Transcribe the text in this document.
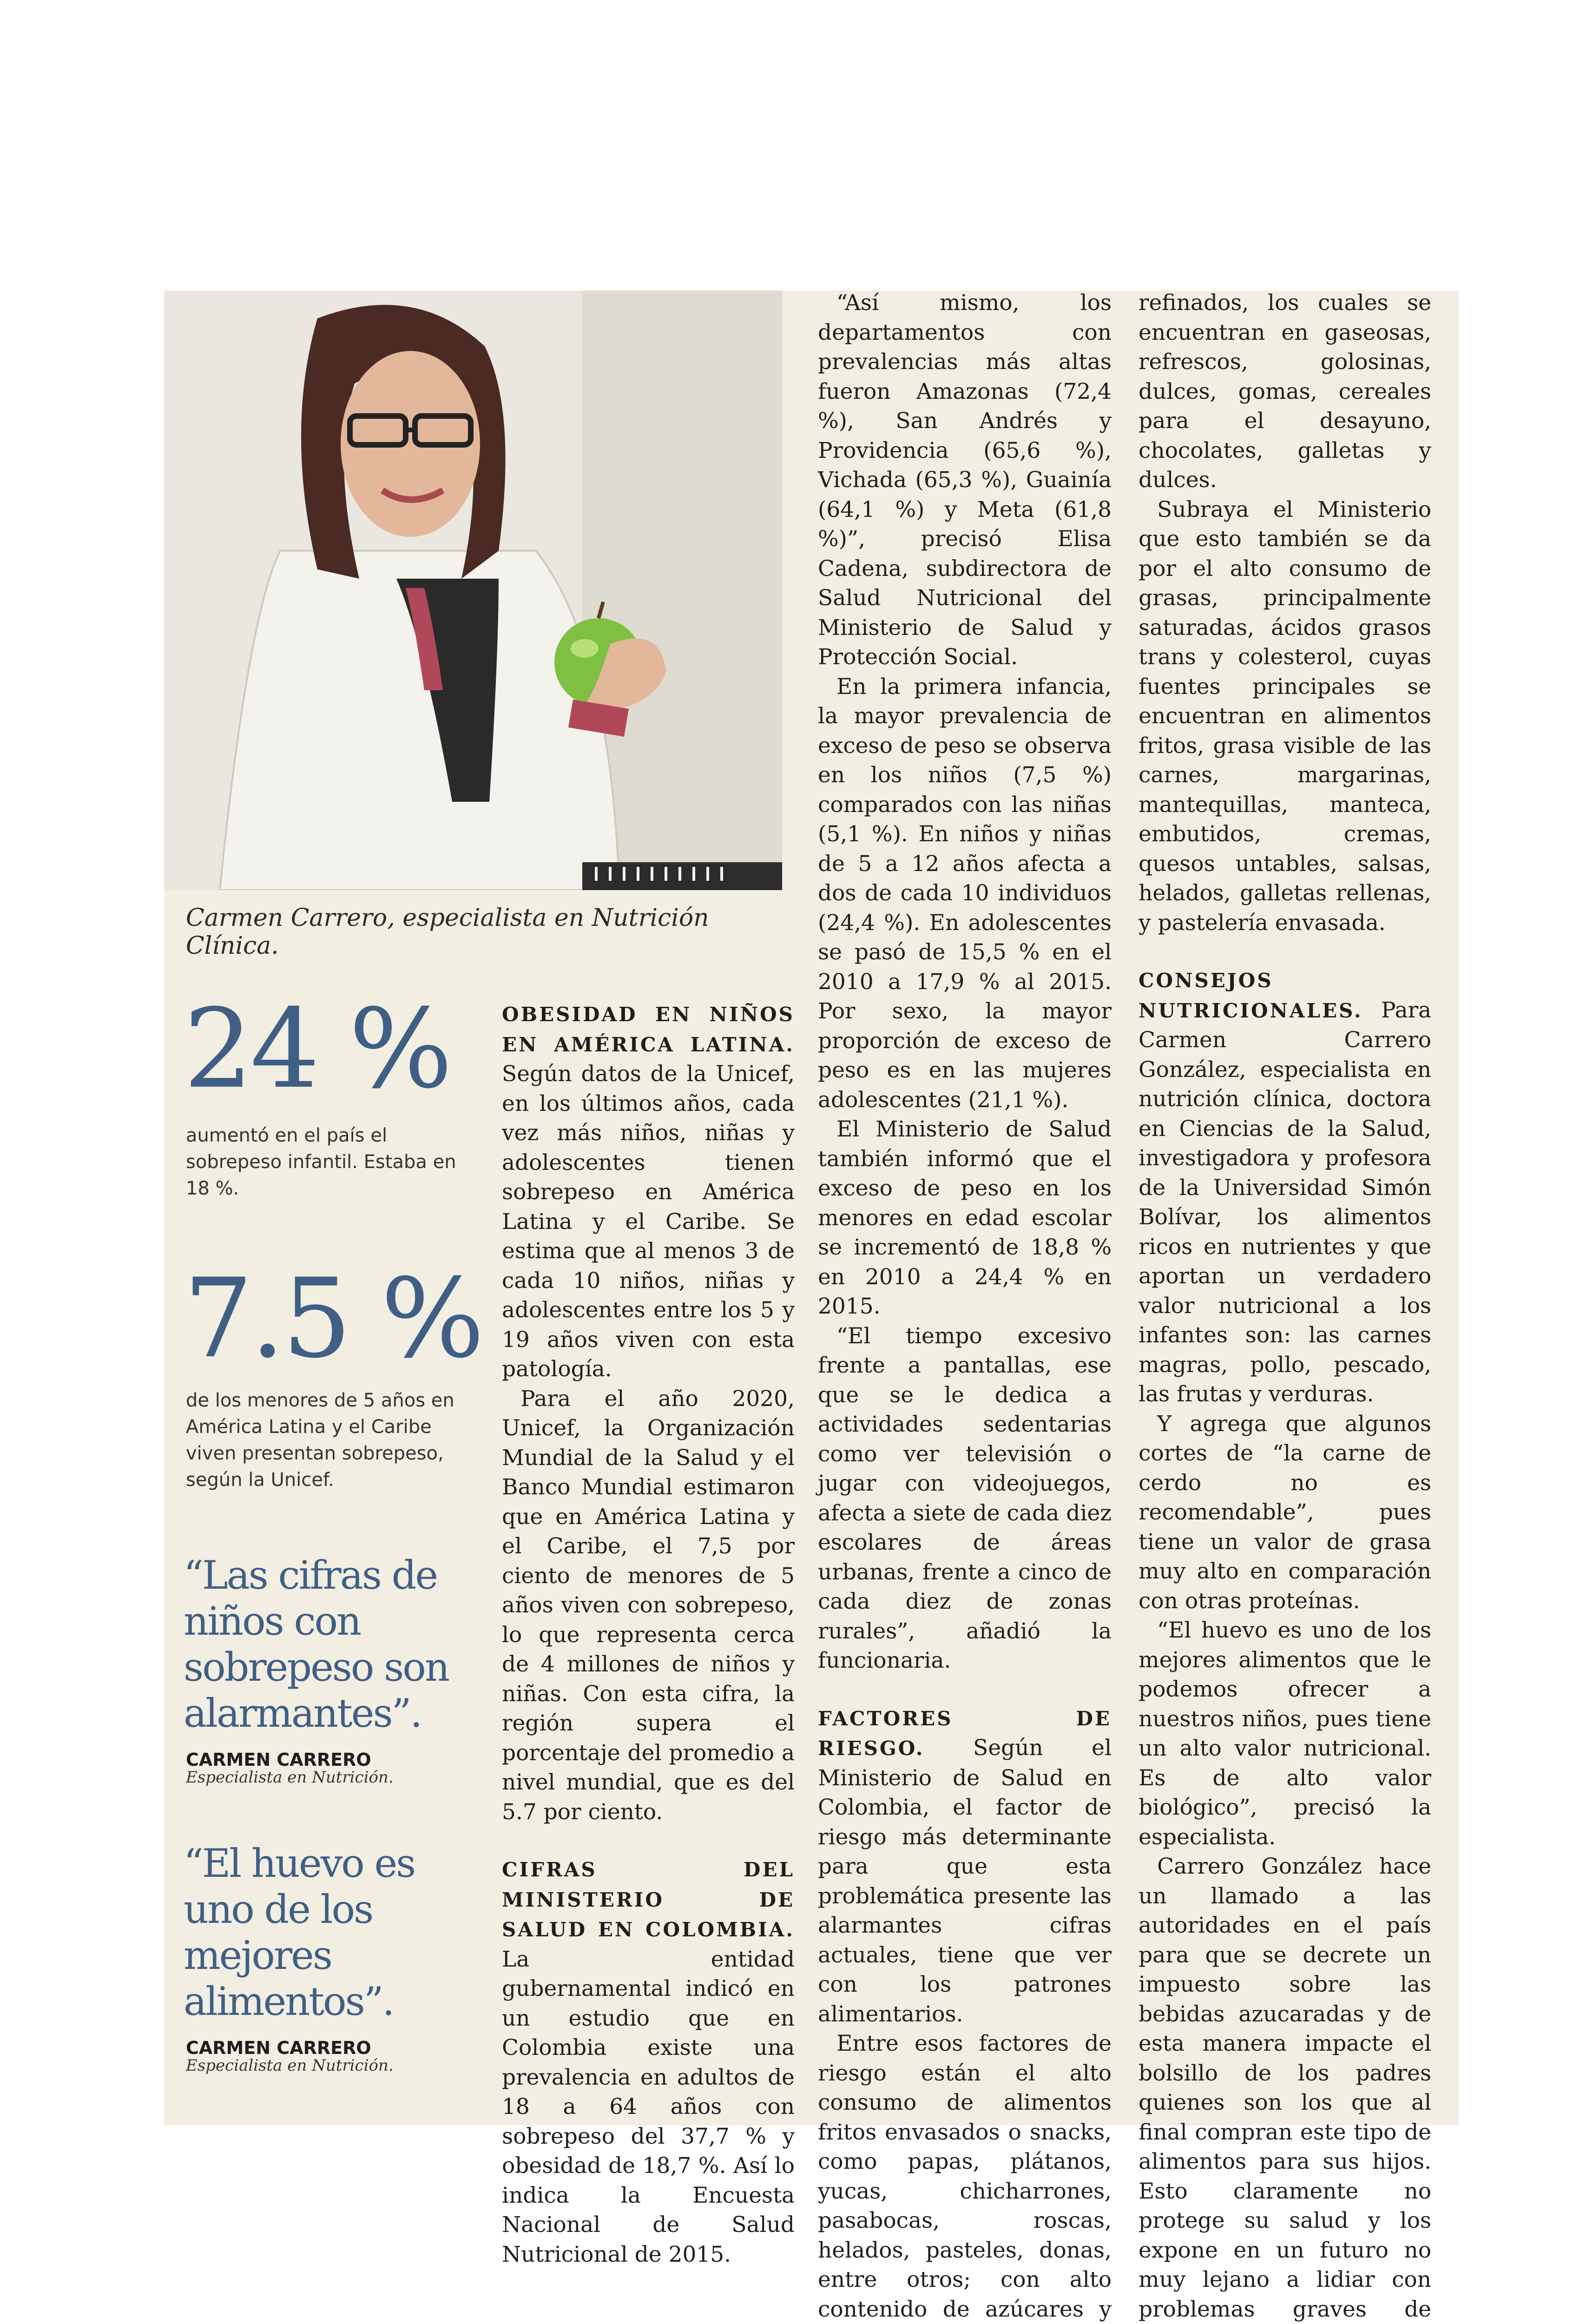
Carmen Carrero, especialista en Nutrición Clínica.
24 %
aumentó en el país el sobrepeso infantil. Estaba en 18 %.
7.5 %
de los menores de 5 años en América Latina y el Caribe viven presentan sobrepeso, según la Unicef.
“Las cifras de niños con sobrepeso son alarmantes”.
CARMEN CARRERO
Especialista en Nutrición.
“El huevo es uno de los mejores alimentos”.
CARMEN CARRERO
Especialista en Nutrición.

OBESIDAD EN NIÑOS EN AMÉRICA LATINA. Según datos de la Unicef, en los últimos años, cada vez más niños, niñas y adolescentes tienen sobrepeso en América Latina y el Caribe. Se estima que al menos 3 de cada 10 niños, niñas y adolescentes entre los 5 y 19 años viven con esta patología.

Para el año 2020, Unicef, la Organización Mundial de la Salud y el Banco Mundial estimaron que en América Latina y el Caribe, el 7,5 por ciento de menores de 5 años viven con sobrepeso, lo que representa cerca de 4 millones de niños y niñas. Con esta cifra, la región supera el porcentaje del promedio a nivel mundial, que es del 5.7 por ciento.

CIFRAS DEL MINISTERIO DE SALUD EN COLOMBIA. La entidad gubernamental indicó en un estudio que en Colombia existe una prevalencia en adultos de 18 a 64 años con sobrepeso del 37,7 % y obesidad de 18,7 %. Así lo indica la Encuesta Nacional de Salud Nutricional de 2015.

“Así mismo, los departamentos con prevalencias más altas fueron Amazonas (72,4 %), San Andrés y Providencia (65,6 %), Vichada (65,3 %), Guainía (64,1 %) y Meta (61,8 %)”, precisó Elisa Cadena, subdirectora de Salud Nutricional del Ministerio de Salud y Protección Social.

En la primera infancia, la mayor prevalencia de exceso de peso se observa en los niños (7,5 %) comparados con las niñas (5,1 %). En niños y niñas de 5 a 12 años afecta a dos de cada 10 individuos (24,4 %). En adolescentes se pasó de 15,5 % en el 2010 a 17,9 % al 2015. Por sexo, la mayor proporción de exceso de peso es en las mujeres adolescentes (21,1 %).

El Ministerio de Salud también informó que el exceso de peso en los menores en edad escolar se incrementó de 18,8 % en 2010 a 24,4 % en 2015.

“El tiempo excesivo frente a pantallas, ese que se le dedica a actividades sedentarias como ver televisión o jugar con videojuegos, afecta a siete de cada diez escolares de áreas urbanas, frente a cinco de cada diez de zonas rurales”, añadió la funcionaria.

FACTORES DE RIESGO. Según el Ministerio de Salud en Colombia, el factor de riesgo más determinante para que esta problemática presente las alarmantes cifras actuales, tiene que ver con los patrones alimentarios.

Entre esos factores de riesgo están el alto consumo de alimentos fritos envasados o snacks, como papas, plátanos, yucas, chicharrones, pasabocas, roscas, helados, pasteles, donas, entre otros; con alto contenido de azúcares y

refinados, los cuales se encuentran en gaseosas, refrescos, golosinas, dulces, gomas, cereales para el desayuno, chocolates, galletas y dulces.

Subraya el Ministerio que esto también se da por el alto consumo de grasas, principalmente saturadas, ácidos grasos trans y colesterol, cuyas fuentes principales se encuentran en alimentos fritos, grasa visible de las carnes, margarinas, mantequillas, manteca, embutidos, cremas, quesos untables, salsas, helados, galletas rellenas, y pastelería envasada.

CONSEJOS NUTRICIONALES. Para Carmen Carrero González, especialista en nutrición clínica, doctora en Ciencias de la Salud, investigadora y profesora de la Universidad Simón Bolívar, los alimentos ricos en nutrientes y que aportan un verdadero valor nutricional a los infantes son: las carnes magras, pollo, pescado, las frutas y verduras.

Y agrega que algunos cortes de “la carne de cerdo no es recomendable”, pues tiene un valor de grasa muy alto en comparación con otras proteínas.

“El huevo es uno de los mejores alimentos que le podemos ofrecer a nuestros niños, pues tiene un alto valor nutricional. Es de alto valor biológico”, precisó la especialista.

Carrero González hace un llamado a las autoridades en el país para que se decrete un impuesto sobre las bebidas azucaradas y de esta manera impacte el bolsillo de los padres quienes son los que al final compran este tipo de alimentos para sus hijos. Esto claramente no protege su salud y los expone en un futuro no muy lejano a lidiar con problemas graves de
